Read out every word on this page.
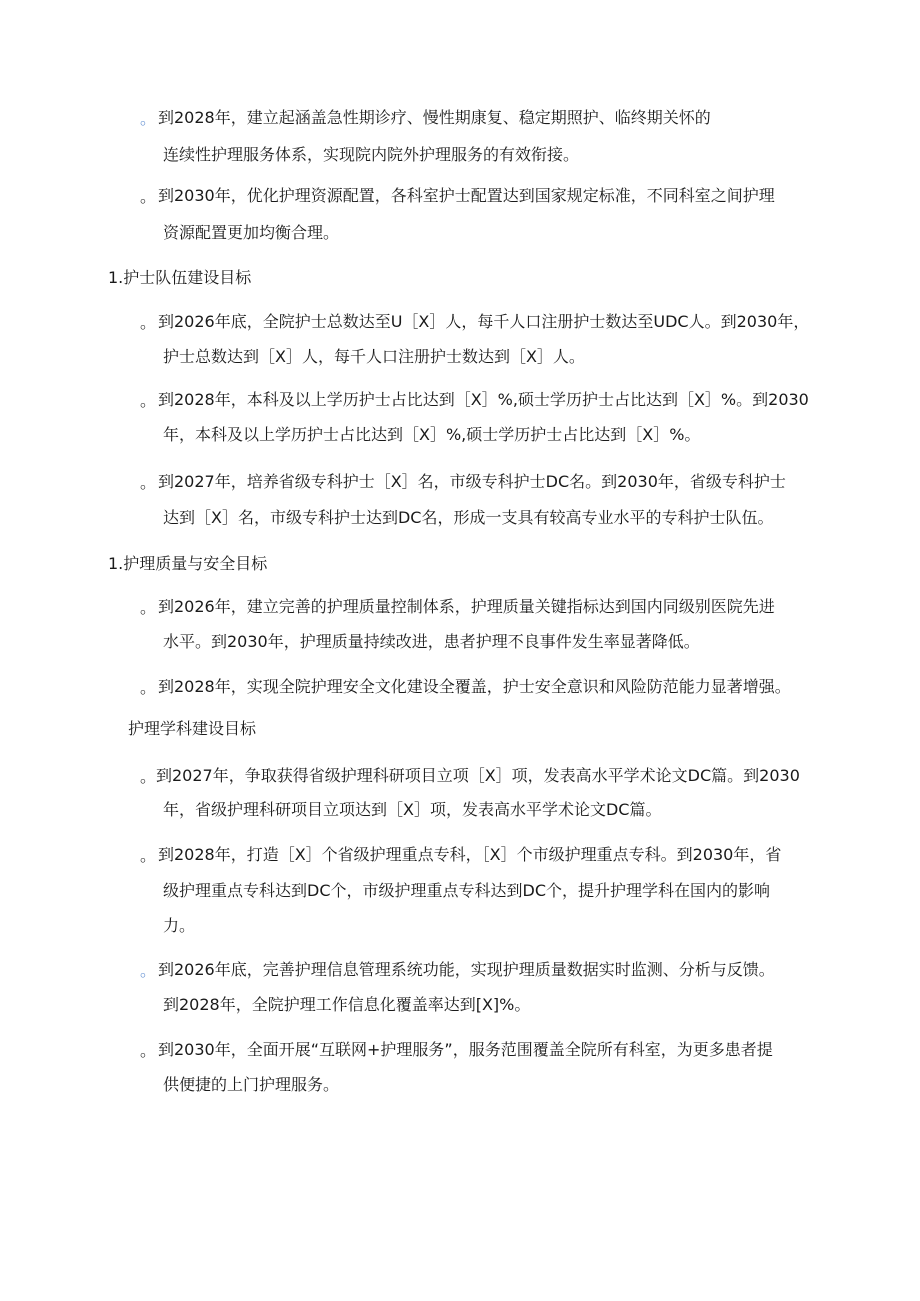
。 到2028年，建立起涵盖急性期诊疗、慢性期康复、稳定期照护、临终期关怀的
连续性护理服务体系，实现院内院外护理服务的有效衔接。
。 到2030年，优化护理资源配置，各科室护士配置达到国家规定标准，不同科室之间护理
资源配置更加均衡合理。
1.护士队伍建设目标
。 到2026年底，全院护士总数达至U［X］人，每千人口注册护士数达至UDC人。到2030年，
护士总数达到［X］人，每千人口注册护士数达到［X］人。
。 到2028年，本科及以上学历护士占比达到［X］%,硕士学历护士占比达到［X］%。到2030
年，本科及以上学历护士占比达到［X］%,硕士学历护士占比达到［X］%。
。 到2027年，培养省级专科护士［X］名，市级专科护士DC名。到2030年，省级专科护士
达到［X］名，市级专科护士达到DC名，形成一支具有较高专业水平的专科护士队伍。
1.护理质量与安全目标
。 到2026年，建立完善的护理质量控制体系，护理质量关键指标达到国内同级别医院先进
水平。到2030年，护理质量持续改进，患者护理不良事件发生率显著降低。
。 到2028年，实现全院护理安全文化建设全覆盖，护士安全意识和风险防范能力显著增强。
护理学科建设目标
。 到2027年，争取获得省级护理科研项目立项［X］项，发表高水平学术论文DC篇。到2030
年，省级护理科研项目立项达到［X］项，发表高水平学术论文DC篇。
。 到2028年，打造［X］个省级护理重点专科，［X］个市级护理重点专科。到2030年，省
级护理重点专科达到DC个，市级护理重点专科达到DC个，提升护理学科在国内的影响
力。
。 到2026年底，完善护理信息管理系统功能，实现护理质量数据实时监测、分析与反馈。
到2028年，全院护理工作信息化覆盖率达到[X]%。
。 到2030年，全面开展“互联网+护理服务”，服务范围覆盖全院所有科室，为更多患者提
供便捷的上门护理服务。
